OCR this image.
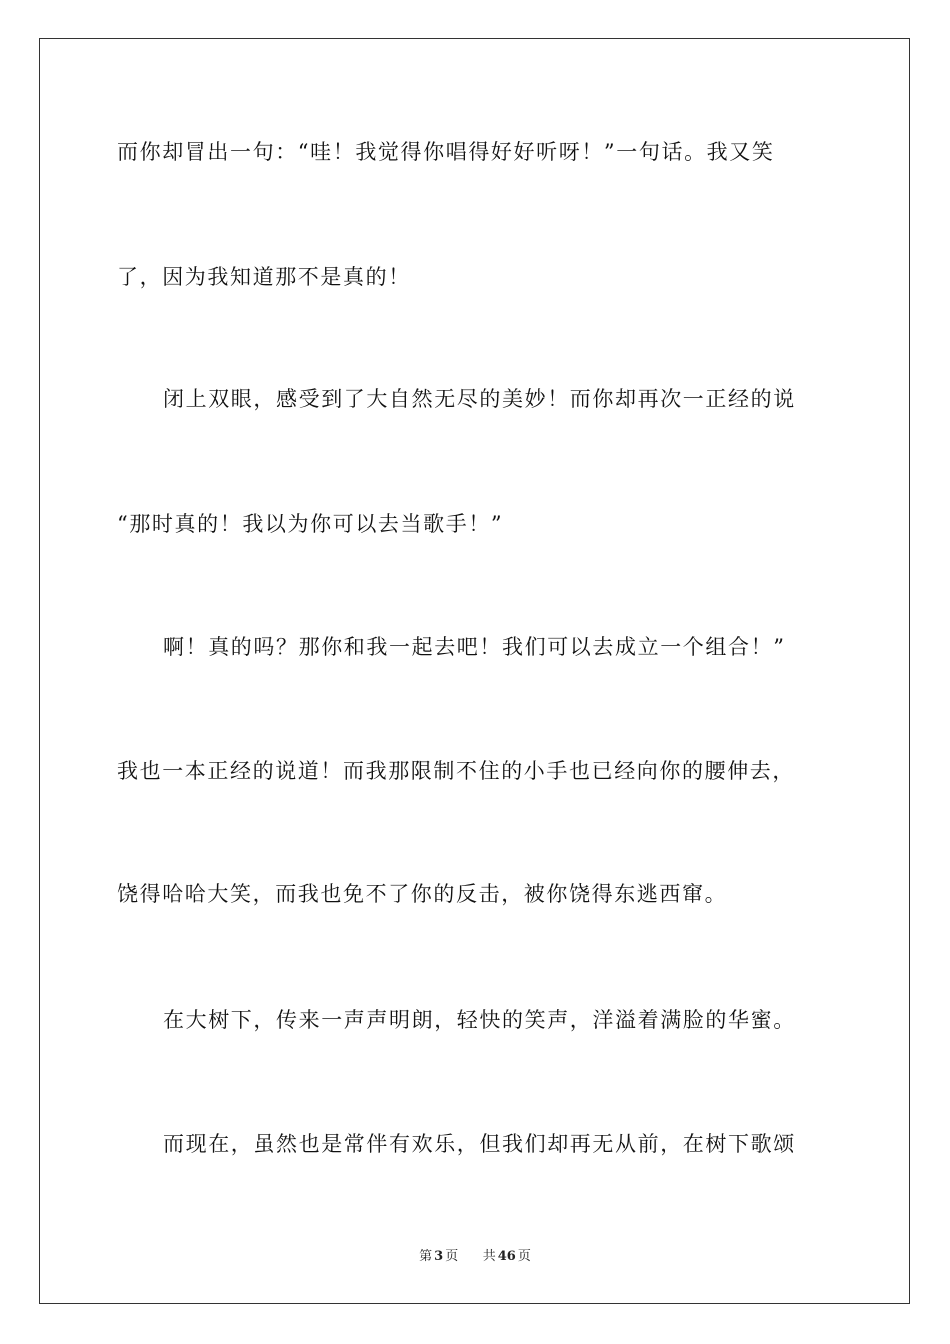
而你却冒出一句：“哇！我觉得你唱得好好听呀！”一句话。我又笑
了，因为我知道那不是真的！
闭上双眼，感受到了大自然无尽的美妙！而你却再次一正经的说
“那时真的！我以为你可以去当歌手！”
啊！真的吗？那你和我一起去吧！我们可以去成立一个组合！”
我也一本正经的说道！而我那限制不住的小手也已经向你的腰伸去，
饶得哈哈大笑，而我也免不了你的反击，被你饶得东逃西窜。
在大树下，传来一声声明朗，轻快的笑声，洋溢着满脸的华蜜。
而现在，虽然也是常伴有欢乐，但我们却再无从前，在树下歌颂
第 3 页 共 46 页
